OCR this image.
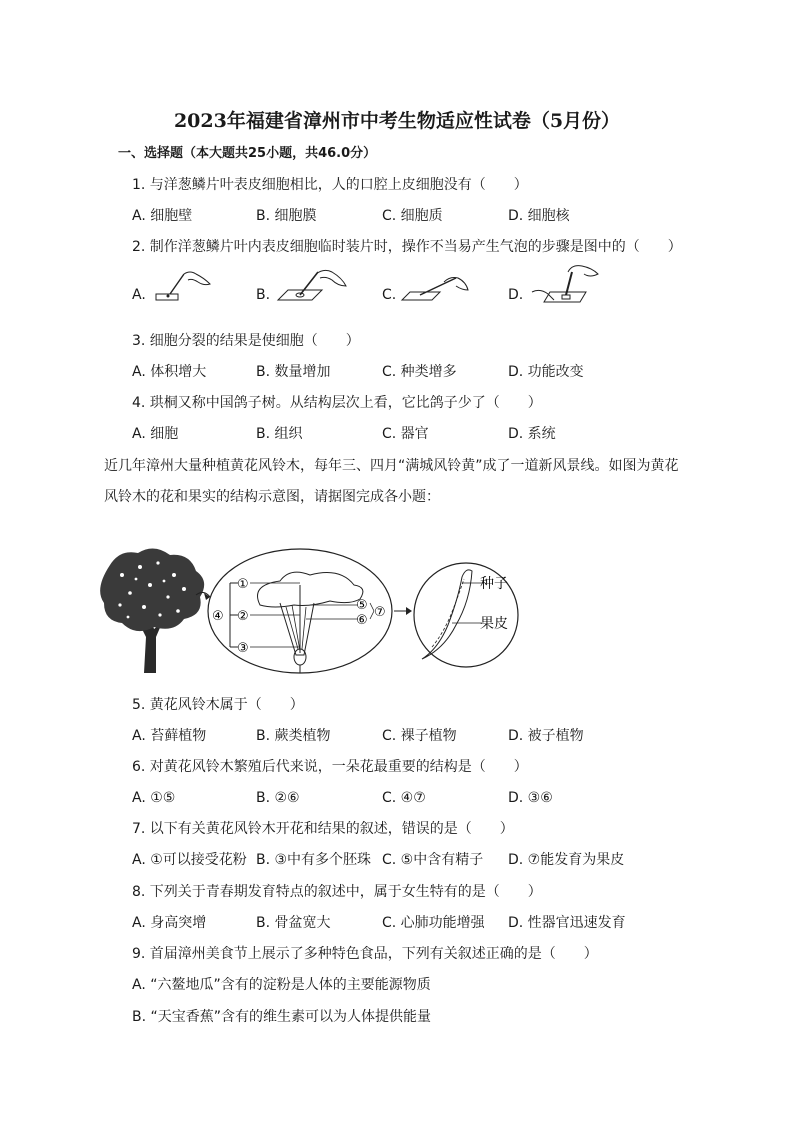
2023年福建省漳州市中考生物适应性试卷（5月份）
一、选择题（本大题共25小题，共46.0分）
1. 与洋葱鳞片叶表皮细胞相比，人的口腔上皮细胞没有（　　）
A. 细胞壁	B. 细胞膜	C. 细胞质	D. 细胞核
2. 制作洋葱鳞片叶内表皮细胞临时装片时，操作不当易产生气泡的步骤是图中的（　　）
A.	B.	C.	D.
3. 细胞分裂的结果是使细胞（　　）
A. 体积增大	B. 数量增加	C. 种类增多	D. 功能改变
4. 珙桐又称中国鸽子树。从结构层次上看，它比鸽子少了（　　）
A. 细胞	B. 组织	C. 器官	D. 系统
近几年漳州大量种植黄花风铃木，每年三、四月“满城风铃黄”成了一道新风景线。如图为黄花
风铃木的花和果实的结构示意图，请据图完成各小题：
①
②
③
④
⑤
⑥
⑦
种子
果皮
5. 黄花风铃木属于（　　）
A. 苔藓植物	B. 蕨类植物	C. 裸子植物	D. 被子植物
6. 对黄花风铃木繁殖后代来说，一朵花最重要的结构是（　　）
A. ①⑤	B. ②⑥	C. ④⑦	D. ③⑥
7. 以下有关黄花风铃木开花和结果的叙述，错误的是（　　）
A. ①可以接受花粉 B. ③中有多个胚珠 C. ⑤中含有精子 D. ⑦能发育为果皮
8. 下列关于青春期发育特点的叙述中，属于女生特有的是（　　）
A. 身高突增	B. 骨盆宽大	C. 心肺功能增强 D. 性器官迅速发育
9. 首届漳州美食节上展示了多种特色食品，下列有关叙述正确的是（　　）
A. “六鳌地瓜”含有的淀粉是人体的主要能源物质
B. “天宝香蕉”含有的维生素可以为人体提供能量
